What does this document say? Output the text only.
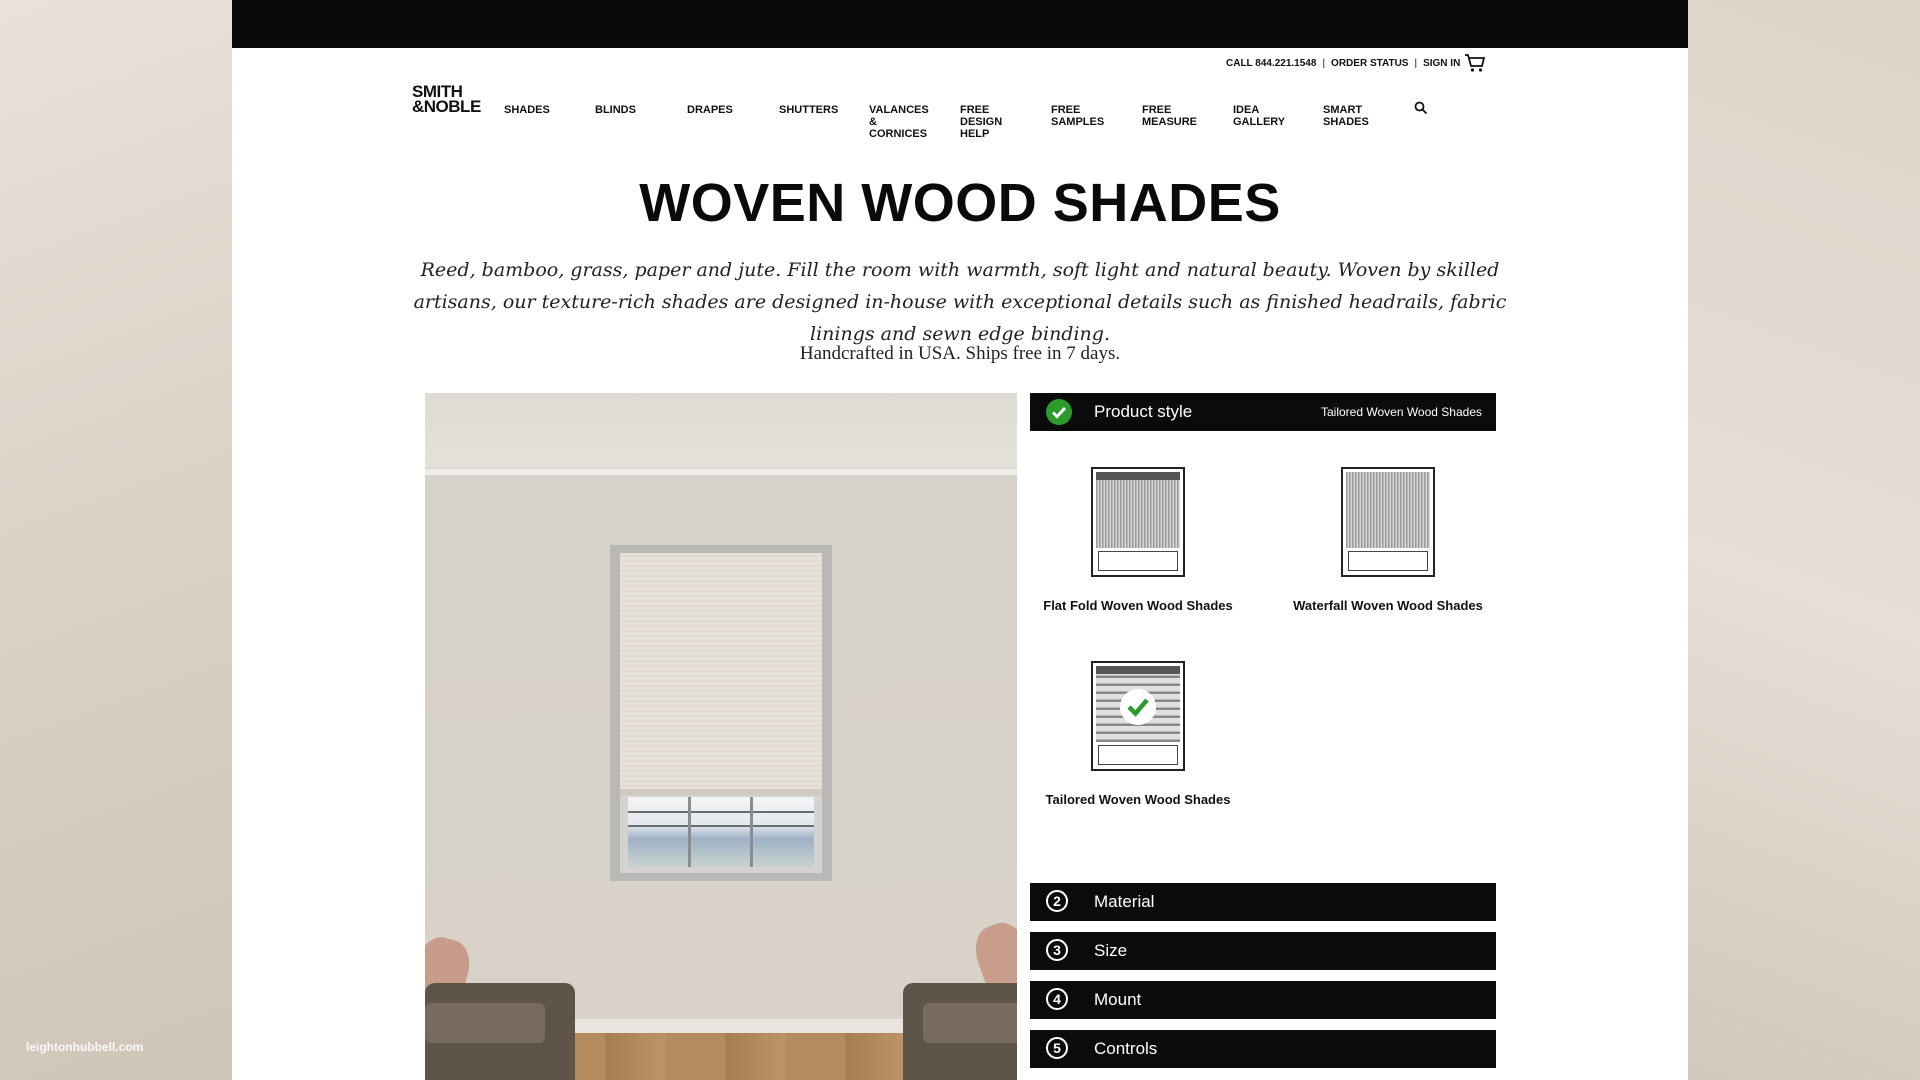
leightonhubbell.com
CALL 844.221.1548 | ORDER STATUS | SIGN IN
SMITH
&NOBLE SHADES	BLINDS	DRAPES	SHUTTERS	VALANCES
& CORNICES
FREE
DESIGN HELP
FREE
SAMPLES
FREE
MEASURE
IDEA
GALLERY
SMART
SHADES
WOVEN WOOD SHADES
Reed, bamboo, grass, paper and jute. Fill the room with warmth, soft light and natural beauty. Woven by skilled artisans, our texture-rich shades are designed in-house with exceptional details such as finished headrails, fabric linings and sewn edge binding.
Handcrafted in USA. Ships free in 7 days.
Product style	Tailored Woven Wood Shades
Flat Fold Woven Wood Shades	Waterfall Woven Wood Shades
Tailored Woven Wood Shades
2	Material
3	Size
4	Mount
5	Controls
